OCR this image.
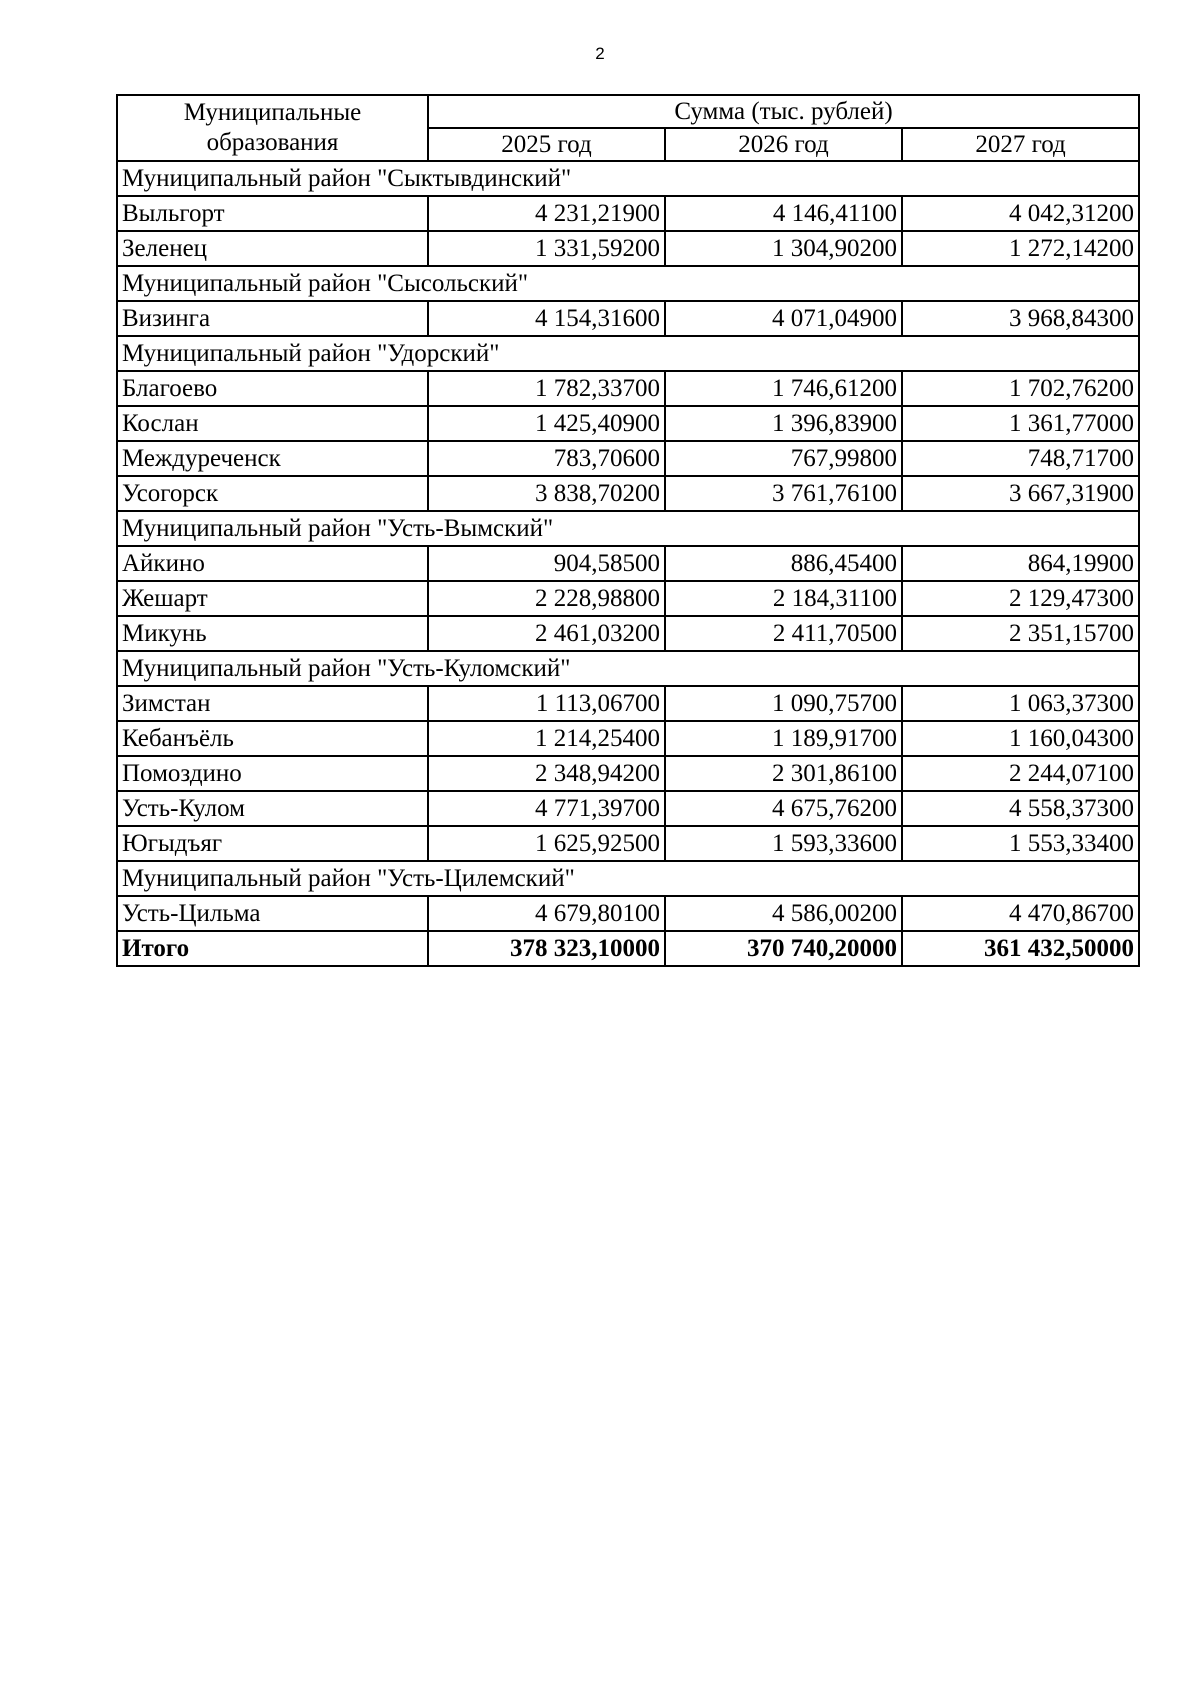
2
Муниципальные образования	Сумма (тыс. рублей)		
	2025 год	2026 год	2027 год
Муниципальный район "Сыктывдинский"			
Выльгорт	4 231,21900	4 146,41100	4 042,31200
Зеленец	1 331,59200	1 304,90200	1 272,14200
Муниципальный район "Сысольский"			
Визинга	4 154,31600	4 071,04900	3 968,84300
Муниципальный район "Удорский"			
Благоево	1 782,33700	1 746,61200	1 702,76200
Кослан	1 425,40900	1 396,83900	1 361,77000
Междуреченск	783,70600	767,99800	748,71700
Усогорск	3 838,70200	3 761,76100	3 667,31900
Муниципальный район "Усть-Вымский"			
Айкино	904,58500	886,45400	864,19900
Жешарт	2 228,98800	2 184,31100	2 129,47300
Микунь	2 461,03200	2 411,70500	2 351,15700
Муниципальный район "Усть-Куломский"			
Зимстан	1 113,06700	1 090,75700	1 063,37300
Кебанъёль	1 214,25400	1 189,91700	1 160,04300
Помоздино	2 348,94200	2 301,86100	2 244,07100
Усть-Кулом	4 771,39700	4 675,76200	4 558,37300
Югыдъяг	1 625,92500	1 593,33600	1 553,33400
Муниципальный район "Усть-Цилемский"			
Усть-Цильма	4 679,80100	4 586,00200	4 470,86700
Итого	378 323,10000	370 740,20000	361 432,50000
